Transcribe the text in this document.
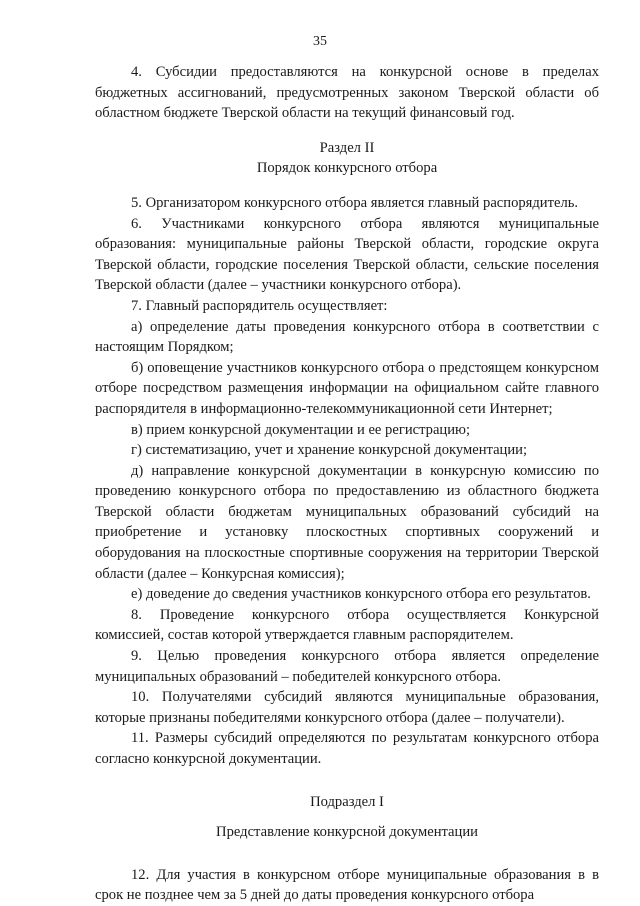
35

4. Субсидии предоставляются на конкурсной основе в пределах бюджетных ассигнований, предусмотренных законом Тверской области об областном бюджете Тверской области на текущий финансовый год.

Раздел II

Порядок конкурсного отбора

5. Организатором конкурсного отбора является главный распорядитель.

6. Участниками конкурсного отбора являются муниципальные образования: муниципальные районы Тверской области, городские округа Тверской области, городские поселения Тверской области, сельские поселения Тверской области (далее – участники конкурсного отбора).

7. Главный распорядитель осуществляет:

а) определение даты проведения конкурсного отбора в соответствии с настоящим Порядком;

б) оповещение участников конкурсного отбора о предстоящем конкурсном отборе посредством размещения информации на официальном сайте главного распорядителя в информационно-телекоммуникационной сети Интернет;

в) прием конкурсной документации и ее регистрацию;

г) систематизацию, учет и хранение конкурсной документации;

д) направление конкурсной документации в конкурсную комиссию по проведению конкурсного отбора по предоставлению из областного бюджета Тверской области бюджетам муниципальных образований субсидий на приобретение и установку плоскостных спортивных сооружений и оборудования на плоскостные спортивные сооружения на территории Тверской области (далее – Конкурсная комиссия);

е) доведение до сведения участников конкурсного отбора его результатов.

8. Проведение конкурсного отбора осуществляется Конкурсной комиссией, состав которой утверждается главным распорядителем.

9. Целью проведения конкурсного отбора является определение муниципальных образований – победителей конкурсного отбора.

10. Получателями субсидий являются муниципальные образования, которые признаны победителями конкурсного отбора (далее – получатели).

11. Размеры субсидий определяются по результатам конкурсного отбора согласно конкурсной документации.

Подраздел I

Представление конкурсной документации

12. Для участия в конкурсном отборе муниципальные образования в в срок не позднее чем за 5 дней до даты проведения конкурсного отбора
